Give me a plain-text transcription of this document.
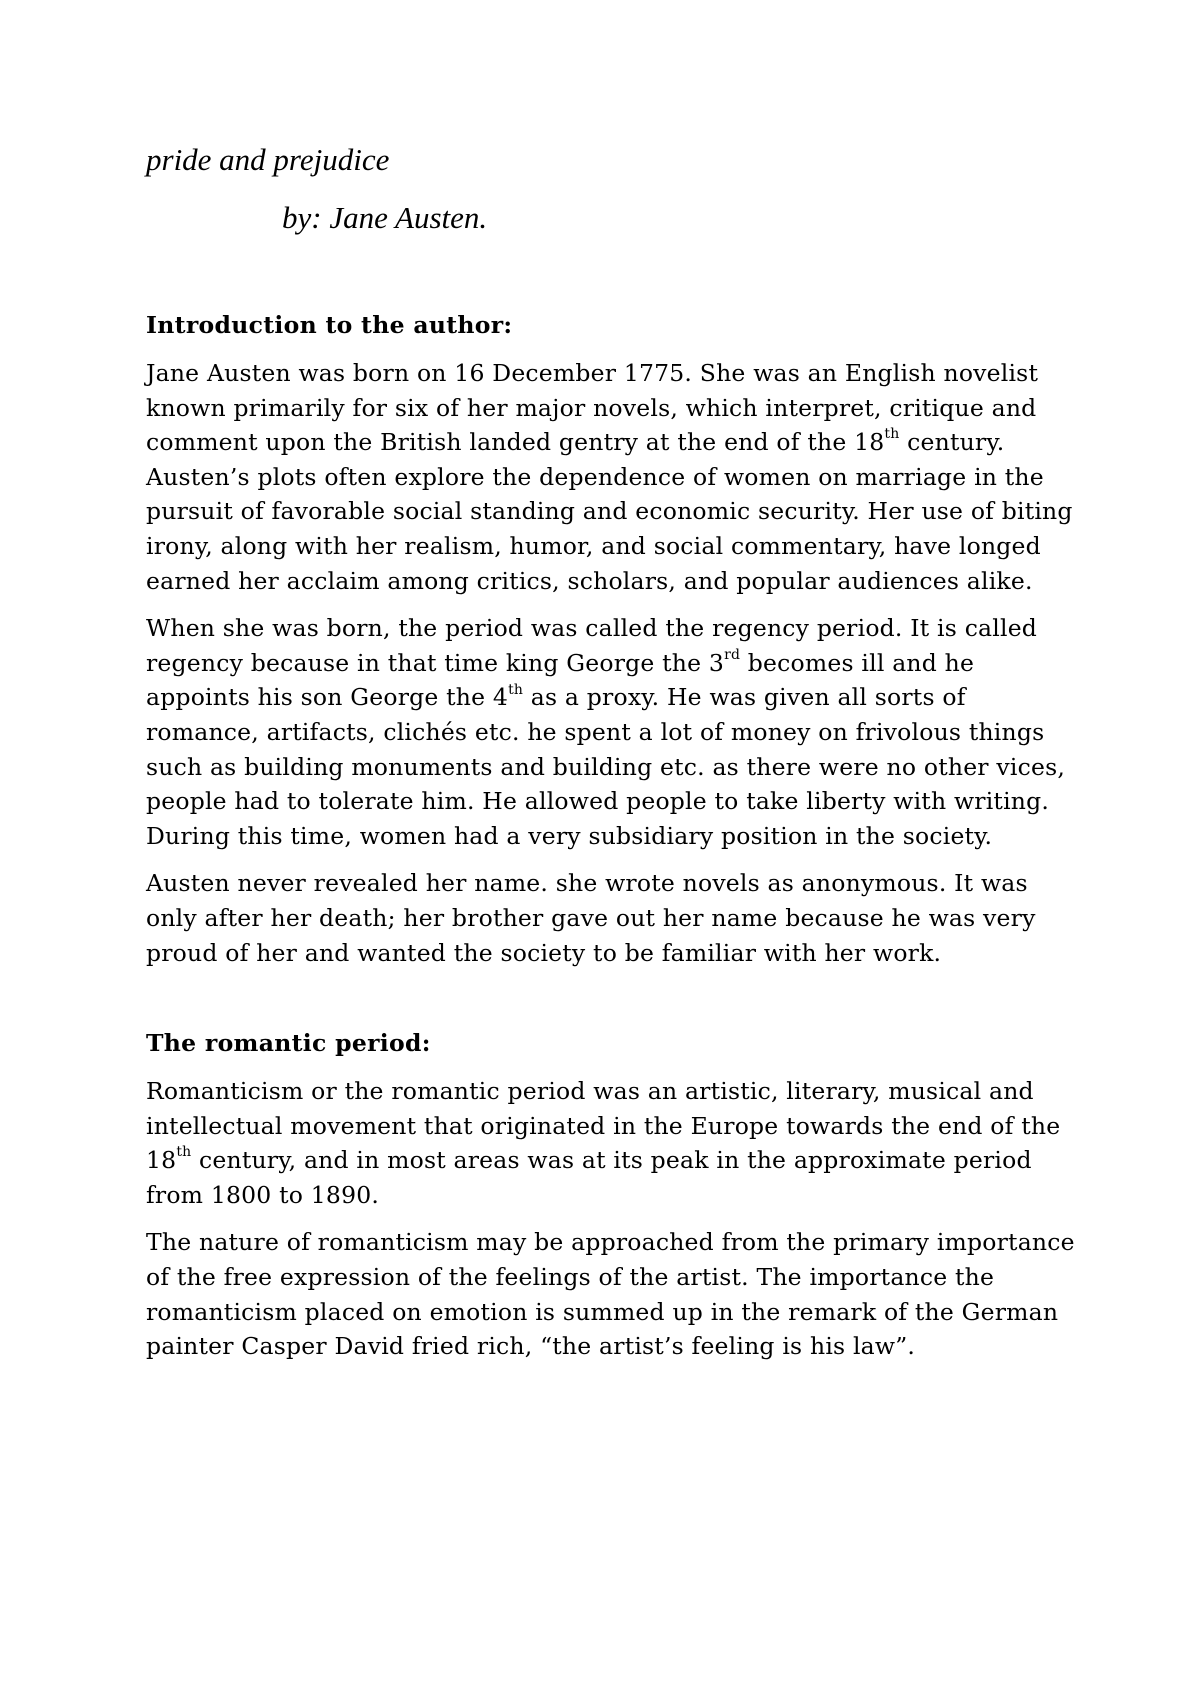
pride and prejudice
by: Jane Austen.
Introduction to the author:

Jane Austen was born on 16 December 1775. She was an English novelist known primarily for six of her major novels, which interpret, critique and comment upon the British landed gentry at the end of the 18th century. Austen’s plots often explore the dependence of women on marriage in the pursuit of favorable social standing and economic security. Her use of biting irony, along with her realism, humor, and social commentary, have longed earned her acclaim among critics, scholars, and popular audiences alike.

When she was born, the period was called the regency period. It is called regency because in that time king George the 3rd becomes ill and he appoints his son George the 4th as a proxy. He was given all sorts of romance, artifacts, clichés etc. he spent a lot of money on frivolous things such as building monuments and building etc. as there were no other vices, people had to tolerate him. He allowed people to take liberty with writing. During this time, women had a very subsidiary position in the society.

Austen never revealed her name. she wrote novels as anonymous. It was only after her death; her brother gave out her name because he was very proud of her and wanted the society to be familiar with her work.

The romantic period:

Romanticism or the romantic period was an artistic, literary, musical and intellectual movement that originated in the Europe towards the end of the 18th century, and in most areas was at its peak in the approximate period from 1800 to 1890.

The nature of romanticism may be approached from the primary importance of the free expression of the feelings of the artist. The importance the romanticism placed on emotion is summed up in the remark of the German painter Casper David fried rich, “the artist’s feeling is his law”.
